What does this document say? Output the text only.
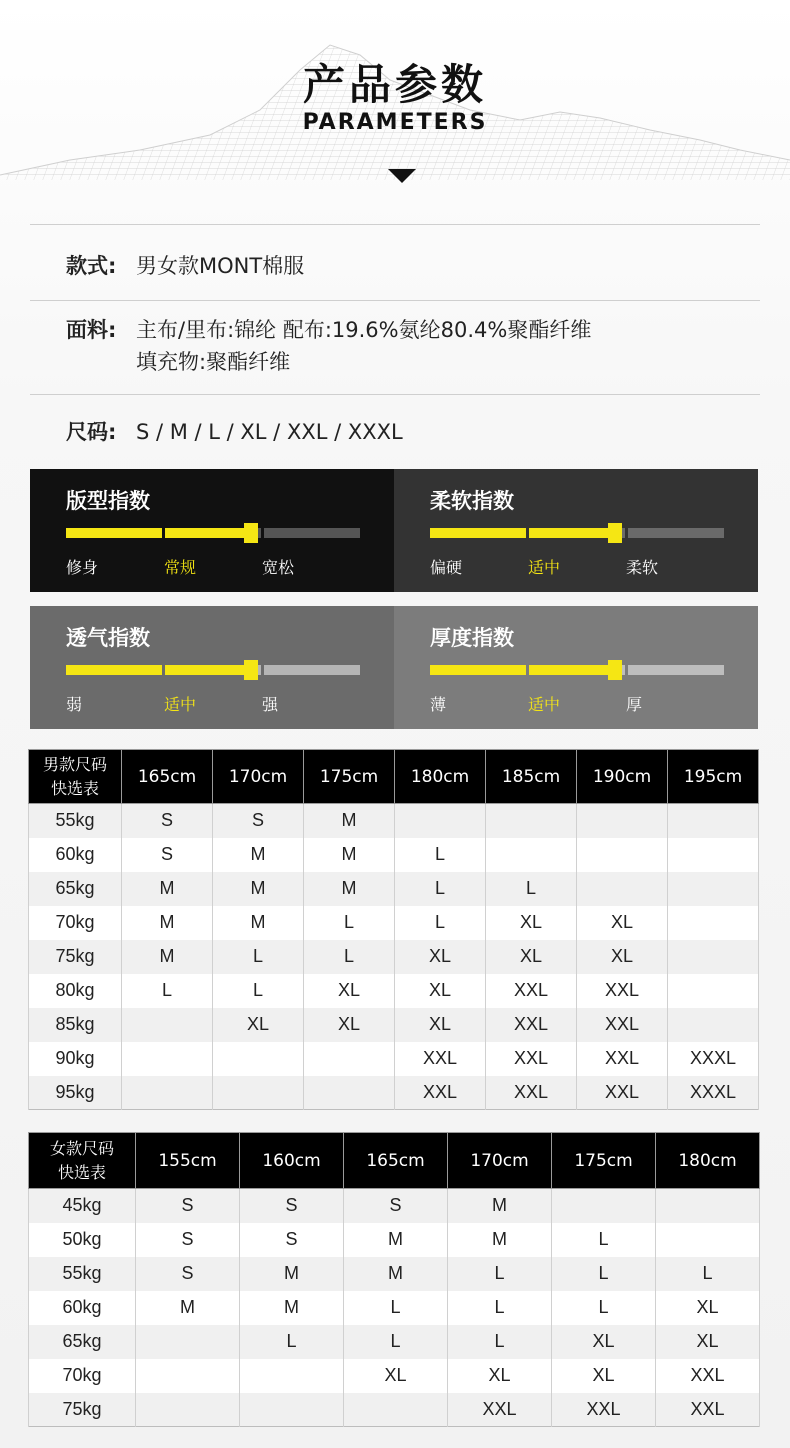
产品参数
PARAMETERS
款式: 男女款MONT棉服
面料: 主布/里布:锦纶 配布:19.6%氨纶80.4%聚酯纤维
填充物:聚酯纤维
尺码: S / M / L / XL / XXL / XXXL
版型指数
修身	常规	宽松
柔软指数
偏硬	适中	柔软
透气指数
弱	适中	强
厚度指数
薄	适中	厚
男款尺码
快选表	165cm	170cm	175cm	180cm	185cm	190cm	195cm
55kg	S	S	M				
60kg	S	M	M	L			
65kg	M	M	M	L	L		
70kg	M	M	L	L	XL	XL	
75kg	M	L	L	XL	XL	XL	
80kg	L	L	XL	XL	XXL	XXL	
85kg		XL	XL	XL	XXL	XXL	
90kg				XXL	XXL	XXL	XXXL
95kg				XXL	XXL	XXL	XXXL
女款尺码
快选表	155cm	160cm	165cm	170cm	175cm	180cm
45kg	S	S	S	M		
50kg	S	S	M	M	L	
55kg	S	M	M	L	L	L
60kg	M	M	L	L	L	XL
65kg		L	L	L	XL	XL
70kg			XL	XL	XL	XXL
75kg				XXL	XXL	XXL
